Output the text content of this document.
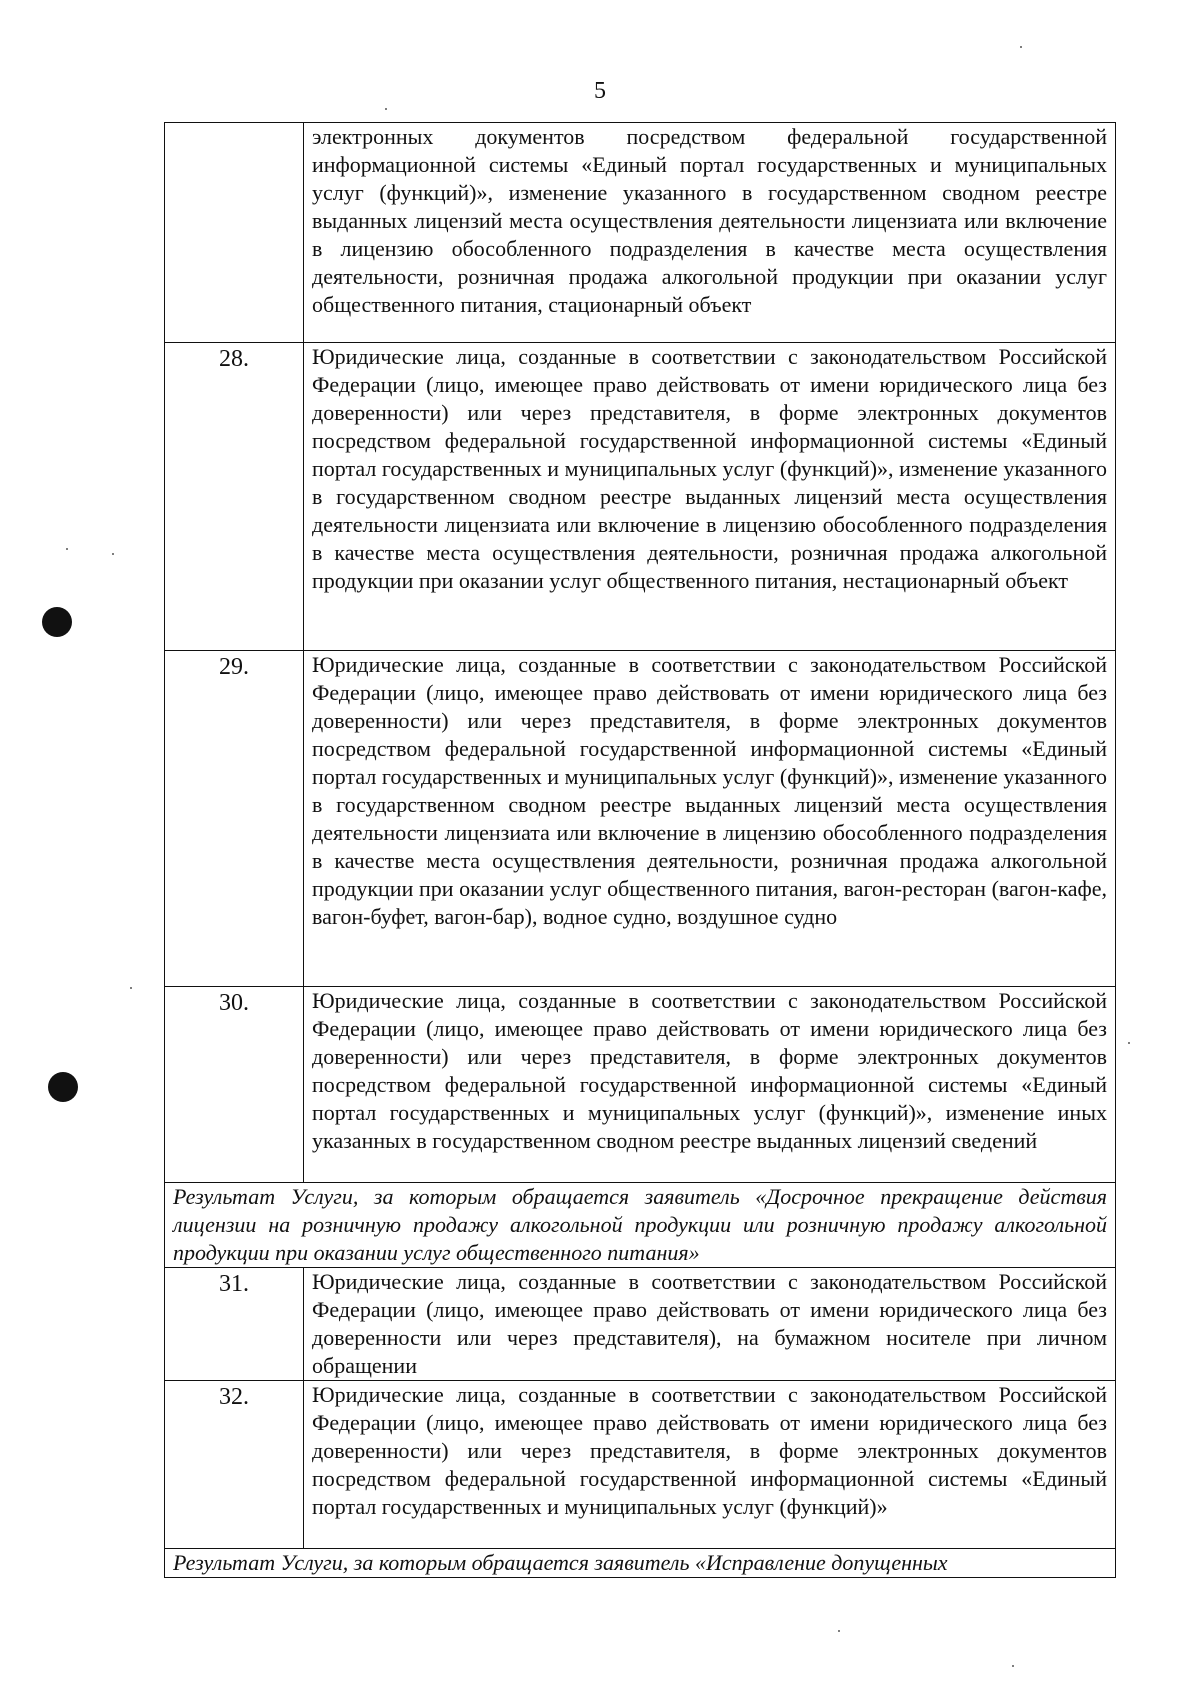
5
	электронных документов посредством федеральной государственной информационной системы «Единый портал государственных и муниципальных услуг (функций)», изменение указанного в государственном сводном реестре выданных лицензий места осуществления деятельности лицензиата или включение в лицензию обособленного подразделения в качестве места осуществления деятельности, розничная продажа алкогольной продукции при оказании услуг общественного питания, стационарный объект
28.	Юридические лица, созданные в соответствии с законодательством Российской Федерации (лицо, имеющее право действовать от имени юридического лица без доверенности) или через представителя, в форме электронных документов посредством федеральной государственной информационной системы «Единый портал государственных и муниципальных услуг (функций)», изменение указанного в государственном сводном реестре выданных лицензий места осуществления деятельности лицензиата или включение в лицензию обособленного подразделения в качестве места осуществления деятельности, розничная продажа алкогольной продукции при оказании услуг общественного питания, нестационарный объект
29.	Юридические лица, созданные в соответствии с законодательством Российской Федерации (лицо, имеющее право действовать от имени юридического лица без доверенности) или через представителя, в форме электронных документов посредством федеральной государственной информационной системы «Единый портал государственных и муниципальных услуг (функций)», изменение указанного в государственном сводном реестре выданных лицензий места осуществления деятельности лицензиата или включение в лицензию обособленного подразделения в качестве места осуществления деятельности, розничная продажа алкогольной продукции при оказании услуг общественного питания, вагон-ресторан (вагон-кафе, вагон-буфет, вагон-бар), водное судно, воздушное судно
30.	Юридические лица, созданные в соответствии с законодательством Российской Федерации (лицо, имеющее право действовать от имени юридического лица без доверенности) или через представителя, в форме электронных документов посредством федеральной государственной информационной системы «Единый портал государственных и муниципальных услуг (функций)», изменение иных указанных в государственном сводном реестре выданных лицензий сведений
Результат Услуги, за которым обращается заявитель «Досрочное прекращение действия лицензии на розничную продажу алкогольной продукции или розничную продажу алкогольной продукции при оказании услуг общественного питания»	
31.	Юридические лица, созданные в соответствии с законодательством Российской Федерации (лицо, имеющее право действовать от имени юридического лица без доверенности или через представителя), на бумажном носителе при личном обращении
32.	Юридические лица, созданные в соответствии с законодательством Российской Федерации (лицо, имеющее право действовать от имени юридического лица без доверенности) или через представителя, в форме электронных документов посредством федеральной государственной информационной системы «Единый портал государственных и муниципальных услуг (функций)»
Результат Услуги, за которым обращается заявитель «Исправление допущенных	
